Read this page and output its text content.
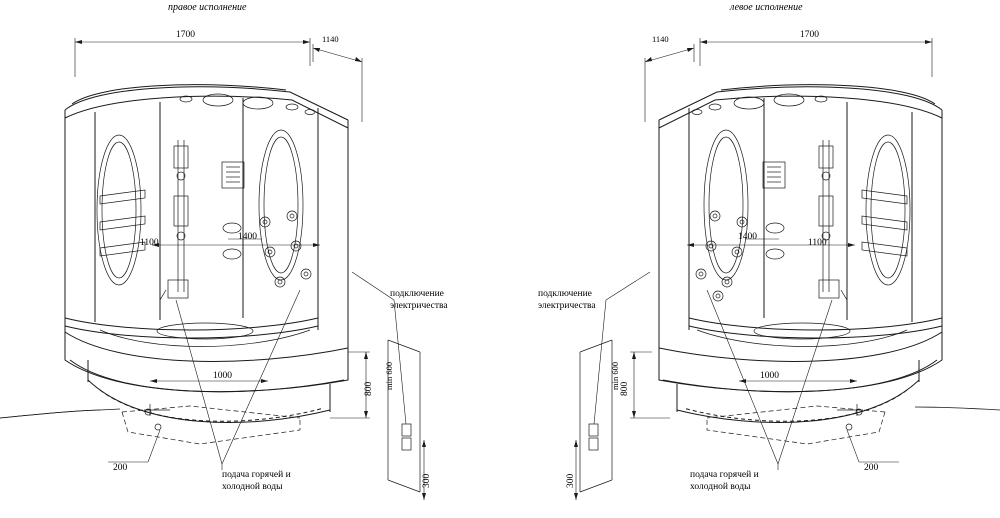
правое исполнение	левое исполнение
1700	1140
1100
1400
1000
200
800 min 600
300
подключение
электричества
подача горячей и
холодной воды
1700
1140
1100
1400
1000
200
800
min 600
300
подключение
электричества
подача горячей и
холодной воды
